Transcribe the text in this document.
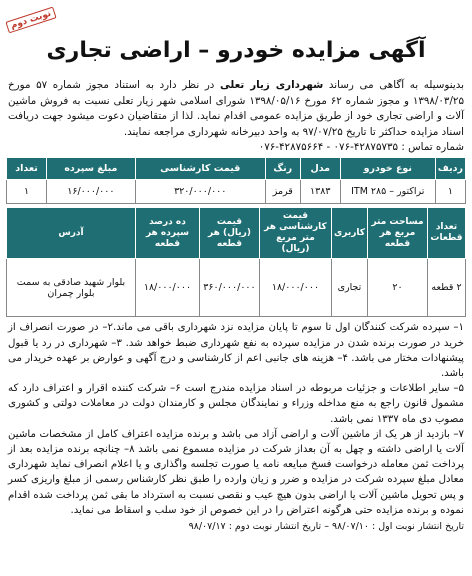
نوبت دوم
آگهی مزایده خودرو – اراضی تجاری
بدینوسیله به آگاهی می رساند شهرداری زیار تعلی در نظر دارد به استناد مجوز شماره ۵۷ مورخ ۱۳۹۸/۰۳/۲۵ و مجوز شماره ۶۲ مورخ ۱۳۹۸/۰۵/۱۶ شورای اسلامی شهر زیار تعلی نسبت به فروش ماشین آلات و اراضی تجاری خود از طریق مزایده عمومی اقدام نماید. لذا از متقاضیان دعوت میشود جهت دریافت اسناد مزایده حداکثر تا تاریخ ۹۷/۰۷/۲۵ به واحد دبیرخانه شهرداری مراجعه نمایند.
شماره تماس : ۴۲۸۷۵۷۳۵-۰۷۶ - ۴۲۸۷۵۶۶۴-۰۷۶
ردیف	نوع خودرو	مدل	رنگ	قیمت کارشناسی	مبلغ سپرده	تعداد
۱	تراکتور – ITM ۲۸۵	۱۳۸۳	قرمز	۳۲۰/۰۰۰/۰۰۰	۱۶/۰۰۰/۰۰۰	۱
تعداد قطعات	مساحت متر مربع هر قطعه	کاربری	قیمت کارشناسی هر متر مربع (ریال)	قیمت (ریال) هر قطعه	ده درصد سپرده هر قطعه	آدرس
۲ قطعه	۲۰	تجاری	۱۸/۰۰۰/۰۰۰	۳۶۰/۰۰۰/۰۰۰	۱۸/۰۰۰/۰۰۰	بلوار شهید صادقی به سمت بلوار چمران

۱– سپرده شرکت کنندگان اول تا سوم تا پایان مزایده نزد شهرداری باقی می ماند.۲– در صورت انصراف از خرید در صورت برنده شدن در مزایده سپرده به نفع شهرداری ضبط خواهد شد. ۳– شهرداری در رد یا قبول پیشنهادات مختار می باشد. ۴– هزینه های جانبی اعم از کارشناسی و درج آگهی و عوارض بر عهده خریدار می باشد.

۵– سایر اطلاعات و جزئیات مربوطه در اسناد مزایده مندرج است ۶– شرکت کننده اقرار و اعتراف دارد که مشمول قانون راجع به منع مداخله وزراء و نمایندگان مجلس و کارمندان دولت در معاملات دولتی و کشوری مصوب دی ماه ۱۳۳۷ نمی باشد.

۷– بازدید از هر یک از ماشین آلات و اراضی آزاد می باشد و برنده مزایده اعتراف کامل از مشخصات ماشین آلات یا اراضی داشته و چهل به آن بعداز شرکت در مزایده مسموع نمی باشد ۸– چنانچه برنده مزایده بعد از پرداخت ثمن معامله درخواست فسخ مبایعه نامه یا صورت تجلسه واگذاری و یا اعلام انصراف نماید شهرداری معادل مبلغ سپرده شرکت در مزایده و ضرر و زیان وارده را طبق نظر کارشناس رسمی از مبلغ واریزی کسر و پس تحویل ماشین آلات یا اراضی بدون هیچ عیب و نقصی نسبت به استرداد ما بقی ثمن پرداخت شده اقدام نموده و برنده مزایده حتی هرگونه اعتراض را در این خصوص از خود سلب و اسقاط می نماید.

تاریخ انتشار نوبت اول : ۹۸/۰۷/۱۰ – تاریخ انتشار نوبت دوم : ۹۸/۰۷/۱۷
